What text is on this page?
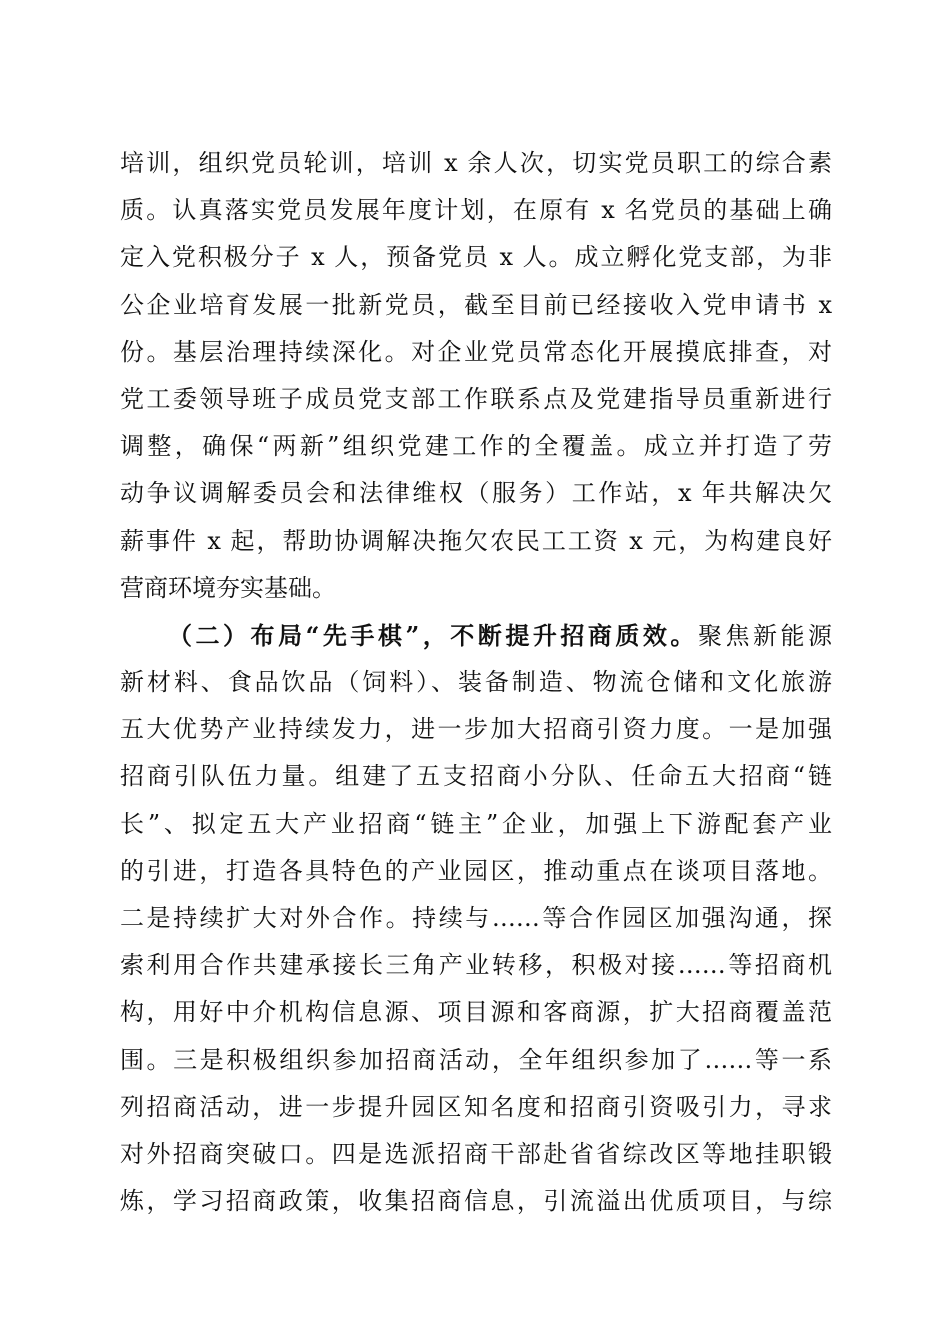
培训，组织党员轮训，培训 x 余人次，切实党员职工的综合素
质。认真落实党员发展年度计划，在原有 x 名党员的基础上确
定入党积极分子 x 人，预备党员 x 人。成立孵化党支部，为非
公企业培育发展一批新党员，截至目前已经接收入党申请书 x
份。基层治理持续深化。对企业党员常态化开展摸底排查，对
党工委领导班子成员党支部工作联系点及党建指导员重新进行
调整，确保“两新”组织党建工作的全覆盖。成立并打造了劳
动争议调解委员会和法律维权（服务）工作站，x 年共解决欠
薪事件 x 起，帮助协调解决拖欠农民工工资 x 元，为构建良好
营商环境夯实基础。
（二）布局“先手棋”，不断提升招商质效。聚焦新能源
新材料、食品饮品（饲料）、装备制造、物流仓储和文化旅游
五大优势产业持续发力，进一步加大招商引资力度。一是加强
招商引队伍力量。组建了五支招商小分队、任命五大招商“链
长”、拟定五大产业招商“链主”企业，加强上下游配套产业
的引进，打造各具特色的产业园区，推动重点在谈项目落地。
二是持续扩大对外合作。持续与……等合作园区加强沟通，探
索利用合作共建承接长三角产业转移，积极对接……等招商机
构，用好中介机构信息源、项目源和客商源，扩大招商覆盖范
围。三是积极组织参加招商活动，全年组织参加了……等一系
列招商活动，进一步提升园区知名度和招商引资吸引力，寻求
对外招商突破口。四是选派招商干部赴省省综改区等地挂职锻
炼，学习招商政策，收集招商信息，引流溢出优质项目，与综
